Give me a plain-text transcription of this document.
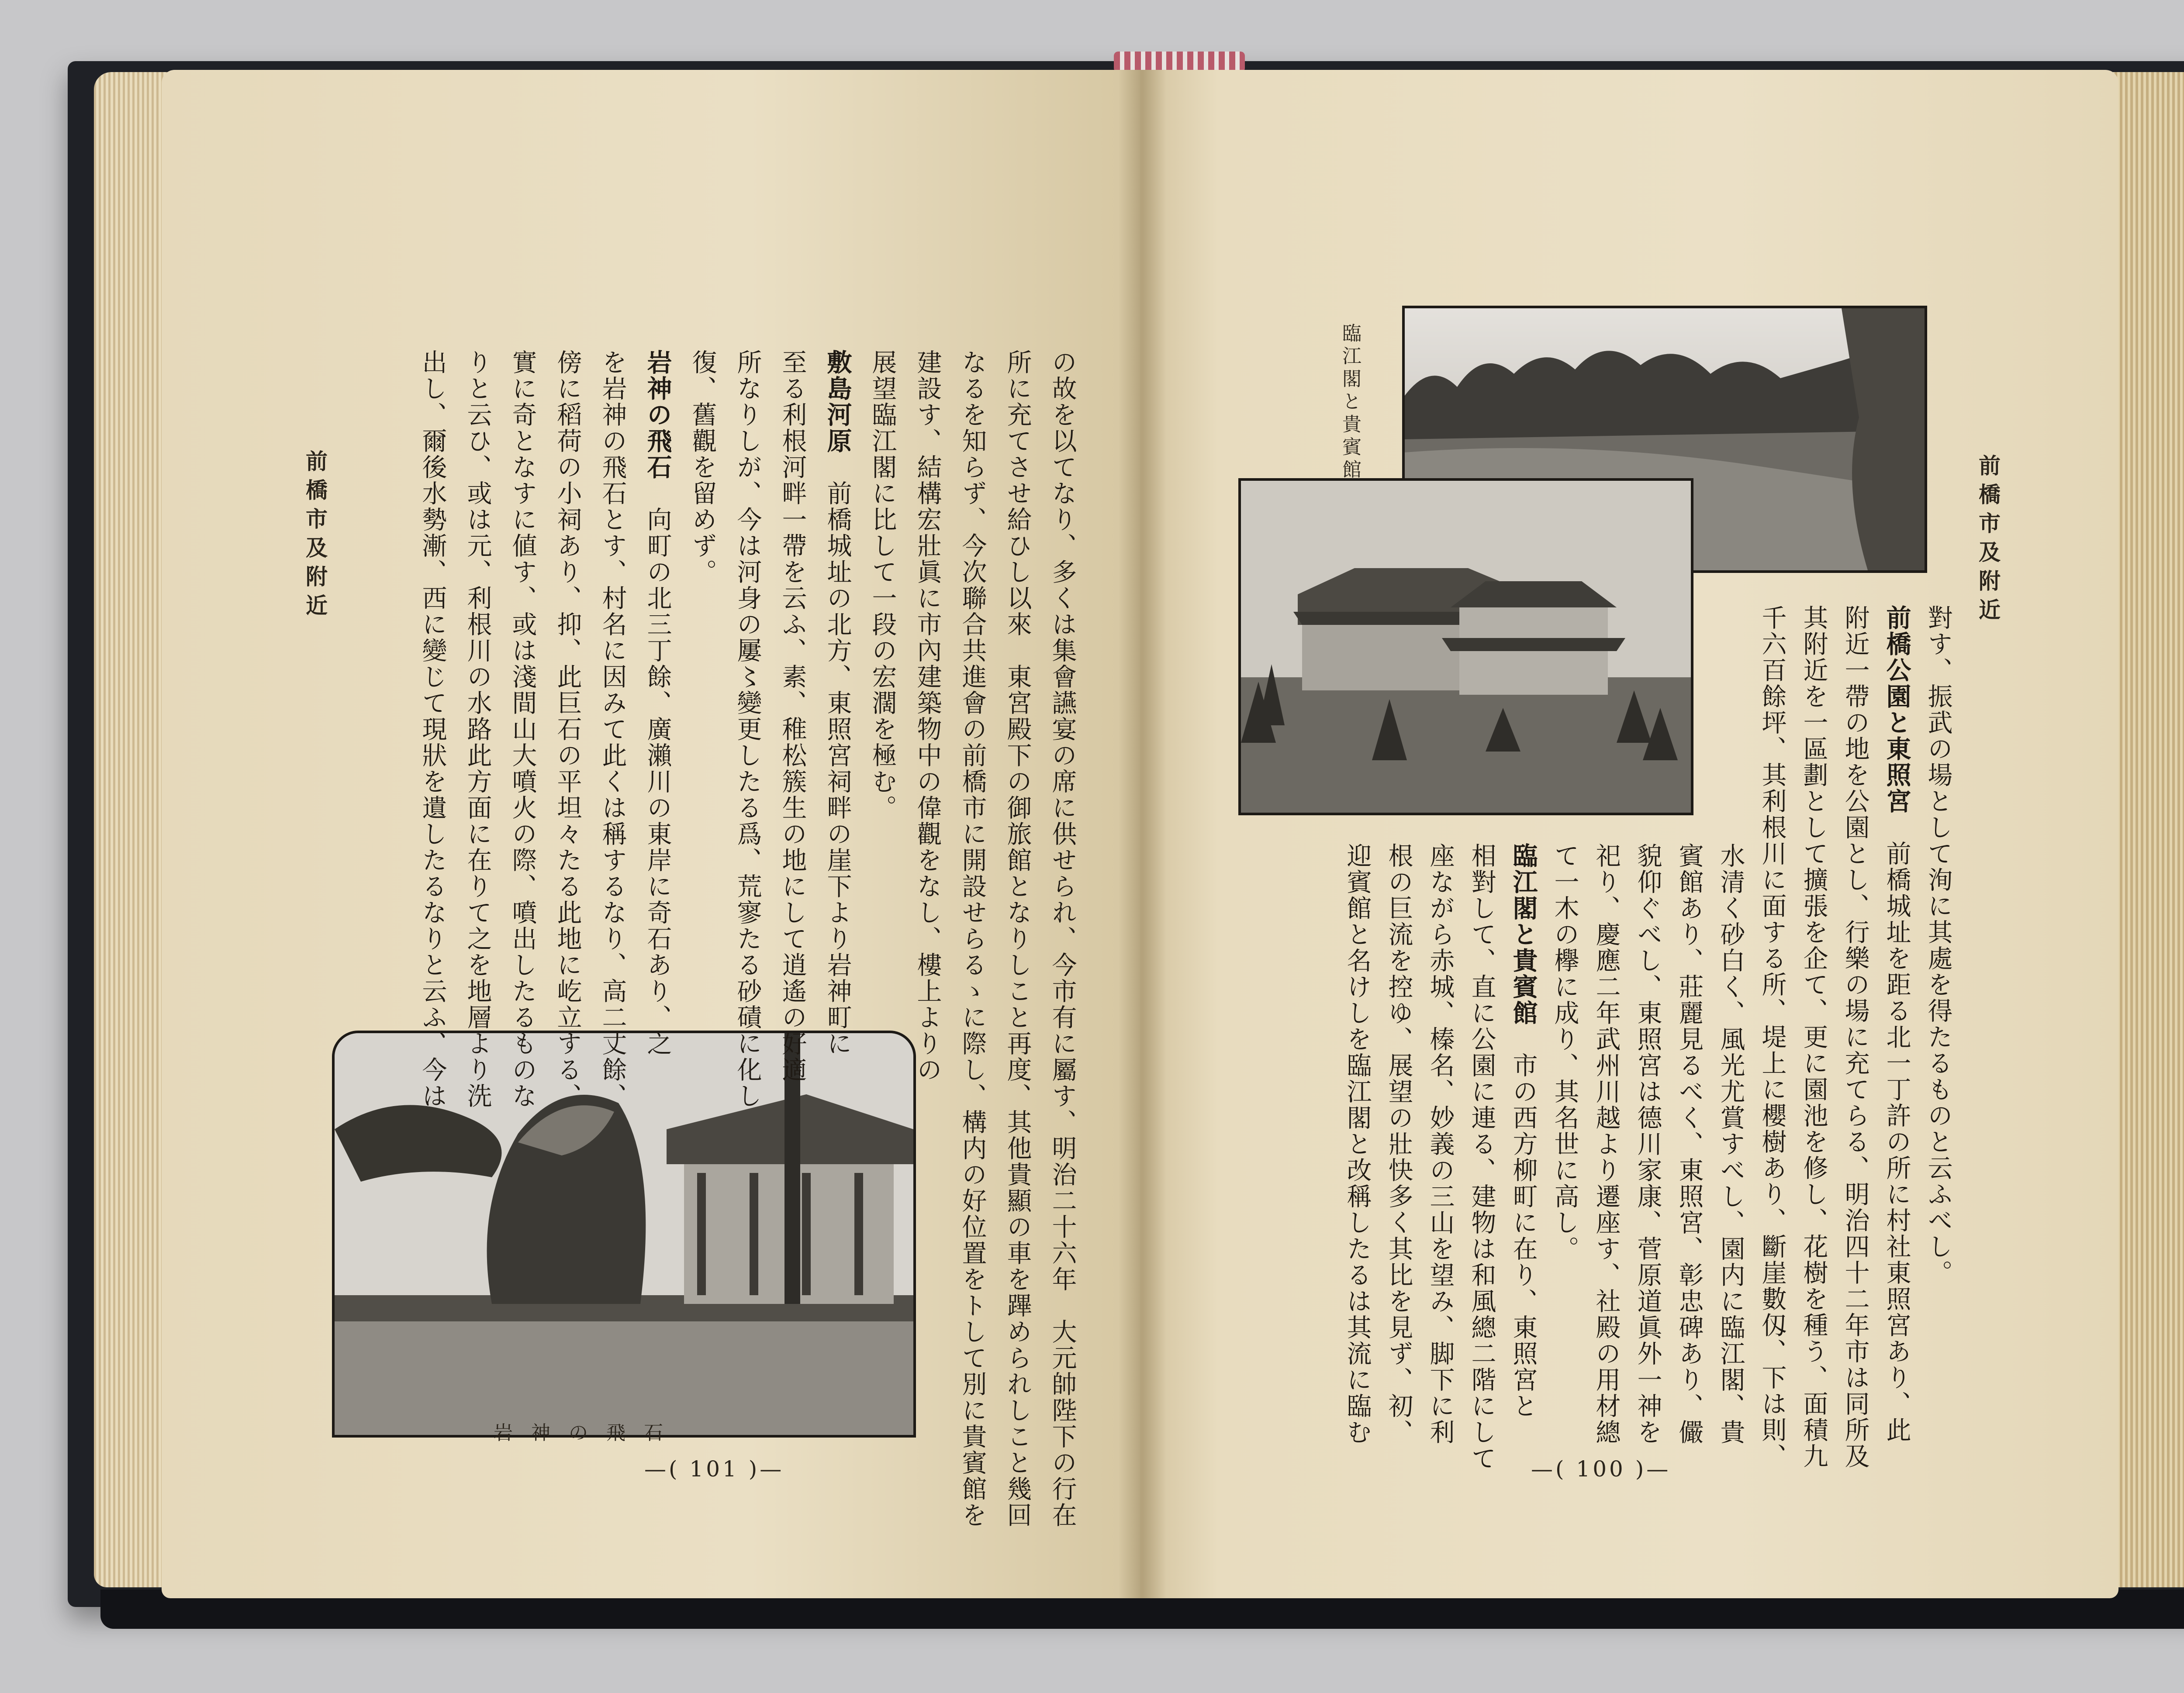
前橋市及附近	前橋市及附近
—( 101 )—	—( 100 )—
臨江閣と貴賓館
對す、振武の場として洵に其處を得たるものと云ふべし。
前橋公園と東照宮　前橋城址を距る北一丁許の所に村社東照宮あり、此
附近一帶の地を公園とし、行樂の場に充てらる、明治四十二年市は同所及
其附近を一區劃として擴張を企て、更に園池を修し、花樹を種う、面積九
千六百餘坪、其利根川に面する所、堤上に櫻樹あり、斷崖數仭、下は則、
水清く砂白く、風光尤賞すべし、園内に臨江閣、貴
賓館あり、莊麗見るべく、東照宮、彰忠碑あり、儼
貌仰ぐべし、東照宮は德川家康、菅原道眞外一神を
祀り、慶應二年武州川越より遷座す、社殿の用材總
て一木の欅に成り、其名世に高し。
臨江閣と貴賓館　市の西方柳町に在り、東照宮と
相對して、直に公園に連る、建物は和風總二階にして
座ながら赤城、榛名、妙義の三山を望み、脚下に利
根の巨流を控ゆ、展望の壯快多く其比を見ず、初、
迎賓館と名けしを臨江閣と改稱したるは其流に臨む
岩神の飛石	の故を以てなり、多くは集會讌宴の席に供せられ、今市有に屬す、明治二十六年　大元帥陛下の行在
所に充てさせ給ひし以來　東宮殿下の御旅館となりしこと再度、其他貴顯の車を蹕められしこと幾回
なるを知らず、今次聯合共進會の前橋市に開設せらるゝに際し、構内の好位置をトして別に貴賓館を
建設す、結構宏壯眞に市內建築物中の偉觀をなし、樓上よりの
展望臨江閣に比して一段の宏濶を極む。
敷島河原　前橋城址の北方、東照宮祠畔の崖下より岩神町に
至る利根河畔一帶を云ふ、素、稚松簇生の地にして逍遙の好適
所なりしが、今は河身の屢〻變更したる爲、荒寥たる砂磧に化し
復、舊觀を留めず。
岩神の飛石　向町の北三丁餘、廣瀨川の東岸に奇石あり、之
を岩神の飛石とす、村名に因みて此くは稱するなり、高二丈餘、
傍に稻荷の小祠あり、抑、此巨石の平坦々たる此地に屹立する、
實に奇となすに値す、或は淺間山大噴火の際、噴出したるものな
りと云ひ、或は元、利根川の水路此方面に在りて之を地層より洗
出し、爾後水勢漸、西に變じて現狀を遺したるなりと云ふ、今は
